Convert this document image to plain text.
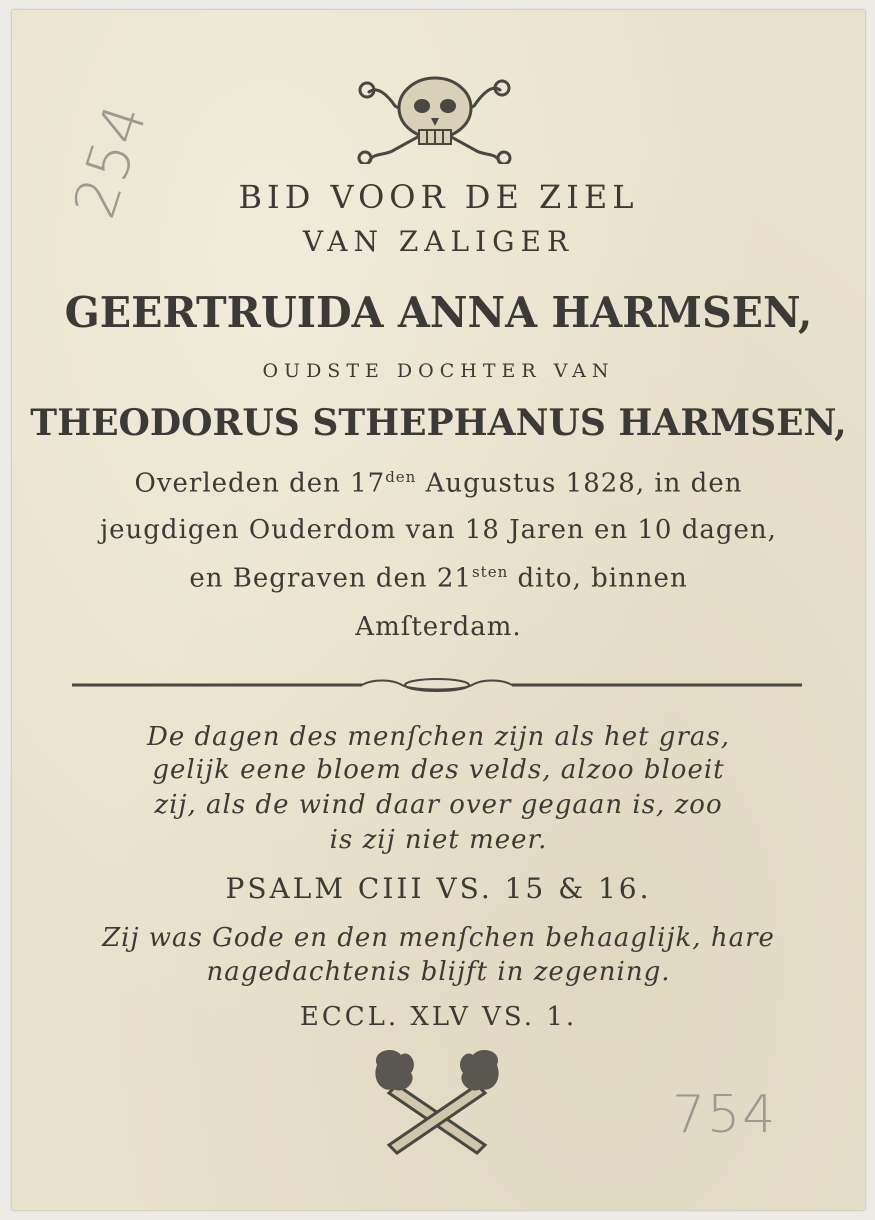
254	BID VOOR DE ZIEL
VAN ZALIGER
GEERTRUIDA ANNA HARMSEN,
OUDSTE DOCHTER VAN
THEODORUS STHEPHANUS HARMSEN,
Overleden den $17^{den}$ Augustus 1828, in den
jeugdigen Ouderdom van 18 Jaren en 10 dagen,
en Begraven den $21^{sten}$ dito, binnen
Amſterdam.
De dagen des menſchen zijn als het gras,
gelijk eene bloem des velds, alzoo bloeit
zij, als de wind daar over gegaan is, zoo
is zij niet meer.
PSALM CIII VS. 15 & 16.
Zij was Gode en den menſchen behaaglijk, hare
nagedachtenis blijft in zegening.
ECCL. XLV VS. 1.
754
